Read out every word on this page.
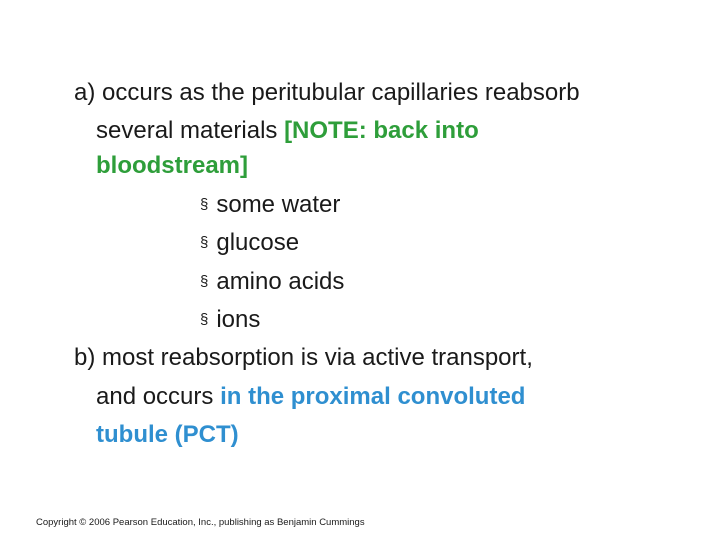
a) occurs as the peritubular capillaries reabsorb
several materials [NOTE: back into
bloodstream]
§ some water
§ glucose
§ amino acids
§ ions
b) most reabsorption is via active transport,
and occurs in the proximal convoluted
tubule (PCT)
Copyright © 2006 Pearson Education, Inc., publishing as Benjamin Cummings
